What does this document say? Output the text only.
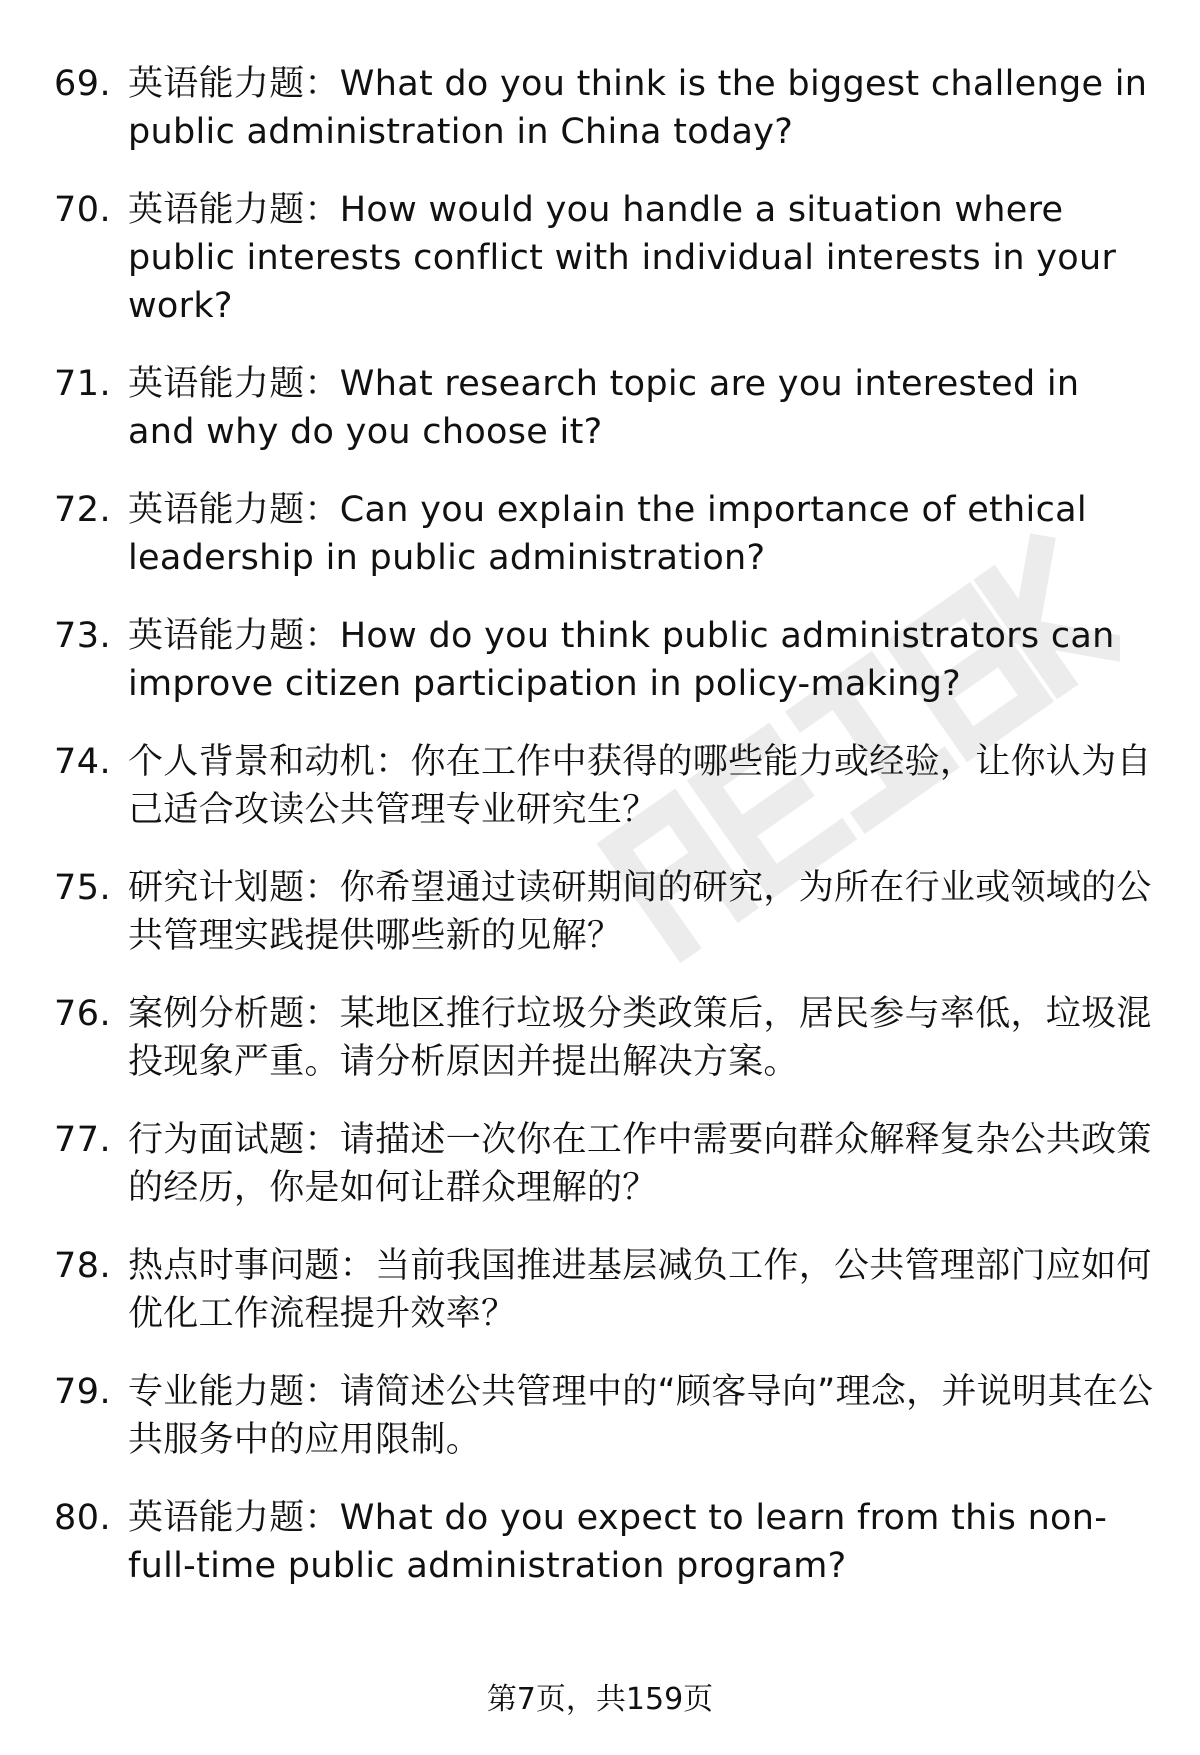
69. 英语能力题：What do you think is the biggest challenge in public administration in China today?
70. 英语能力题：How would you handle a situation where public interests conflict with individual interests in your work?
71. 英语能力题：What research topic are you interested in and why do you choose it?
72. 英语能力题：Can you explain the importance of ethical leadership in public administration?
73. 英语能力题：How do you think public administrators can improve citizen participation in policy-making?
74. 个人背景和动机：你在工作中获得的哪些能力或经验，让你认为自己适合攻读公共管理专业研究生？
75. 研究计划题：你希望通过读研期间的研究，为所在行业或领域的公共管理实践提供哪些新的见解？
76. 案例分析题：某地区推行垃圾分类政策后，居民参与率低，垃圾混投现象严重。请分析原因并提出解决方案。
77. 行为面试题：请描述一次你在工作中需要向群众解释复杂公共政策的经历，你是如何让群众理解的？
78. 热点时事问题：当前我国推进基层减负工作，公共管理部门应如何优化工作流程提升效率？
79. 专业能力题：请简述公共管理中的“顾客导向”理念，并说明其在公共服务中的应用限制。
80. 英语能力题：What do you expect to learn from this non-full-time public administration program?
第7页，共159页
